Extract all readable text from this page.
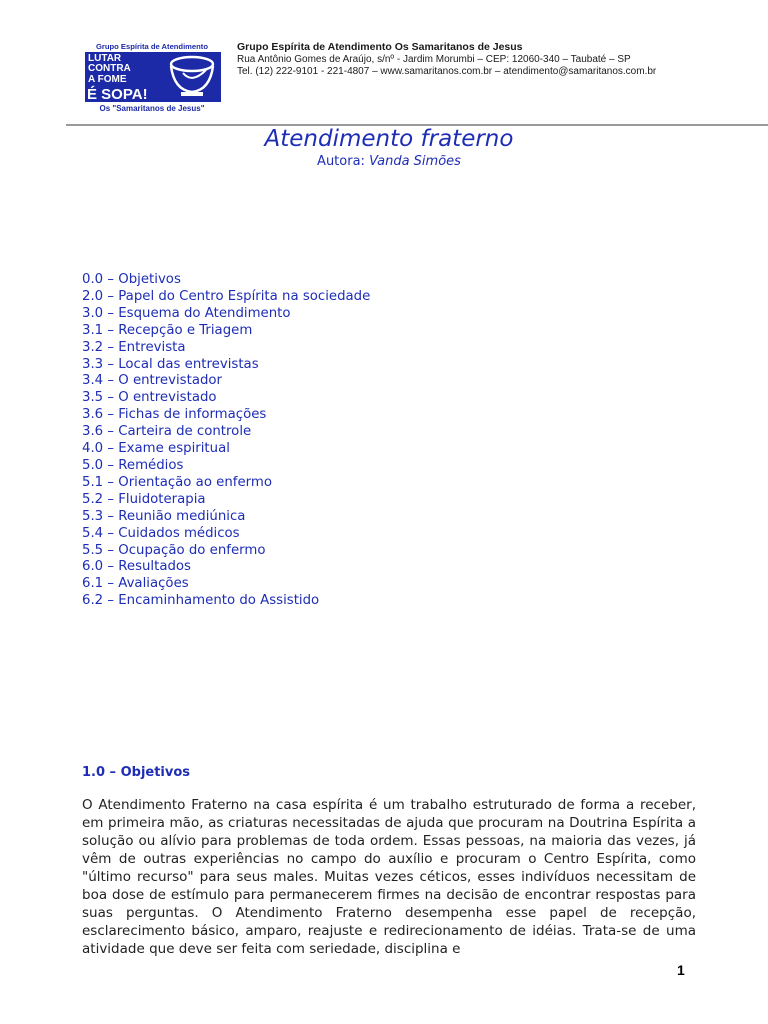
Grupo Espírita de Atendimento
LUTAR
CONTRA
A FOME
É SOPA!
Os "Samaritanos de Jesus"
Grupo Espírita de Atendimento Os Samaritanos de Jesus
Rua Antônio Gomes de Araújo, s/nº - Jardim Morumbi – CEP: 12060-340 – Taubaté – SP
Tel. (12) 222-9101 - 221-4807 – www.samaritanos.com.br – atendimento@samaritanos.com.br
Atendimento fraterno
Autora: Vanda Simões
0.0 – Objetivos
2.0 – Papel do Centro Espírita na sociedade
3.0 – Esquema do Atendimento
3.1 – Recepção e Triagem
3.2 – Entrevista
3.3 – Local das entrevistas
3.4 – O entrevistador
3.5 – O entrevistado
3.6 – Fichas de informações
3.6 – Carteira de controle
4.0 – Exame espiritual
5.0 – Remédios
5.1 – Orientação ao enfermo
5.2 – Fluidoterapia
5.3 – Reunião mediúnica
5.4 – Cuidados médicos
5.5 – Ocupação do enfermo
6.0 – Resultados
6.1 – Avaliações
6.2 – Encaminhamento do Assistido
1.0 – Objetivos
O Atendimento Fraterno na casa espírita é um trabalho estruturado de forma a receber, em primeira mão, as criaturas necessitadas de ajuda que procuram na Doutrina Espírita a solução ou alívio para problemas de toda ordem. Essas pessoas, na maioria das vezes, já vêm de outras experiências no campo do auxílio e procuram o Centro Espírita, como "último recurso" para seus males. Muitas vezes céticos, esses indivíduos necessitam de boa dose de estímulo para permanecerem firmes na decisão de encontrar respostas para suas perguntas. O Atendimento Fraterno desempenha esse papel de recepção, esclarecimento básico, amparo, reajuste e redirecionamento de idéias. Trata-se de uma atividade que deve ser feita com seriedade, disciplina e
1
